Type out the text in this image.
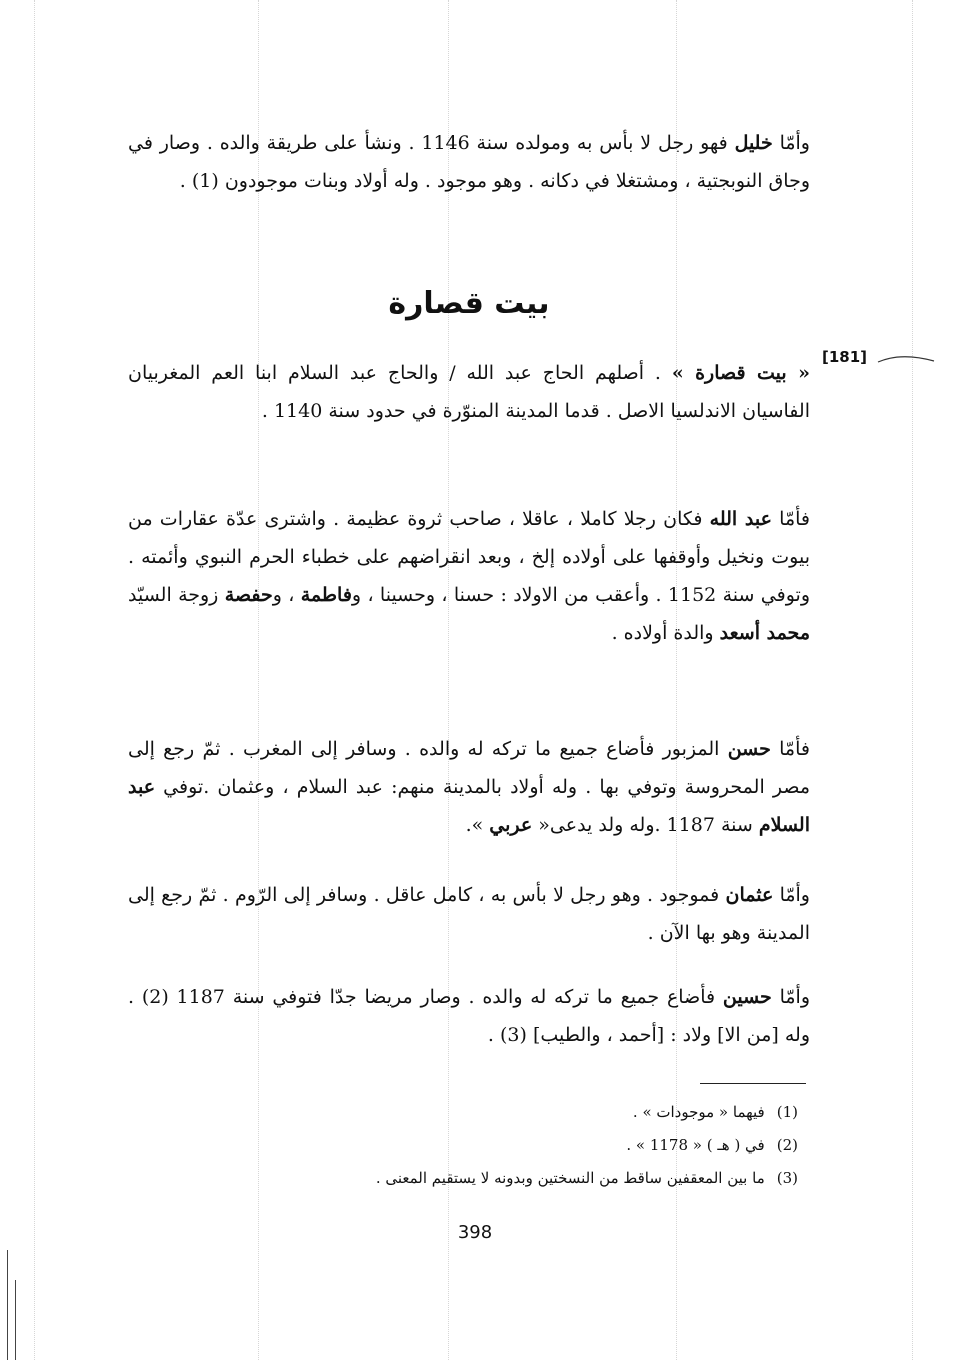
وأمّا خليل فهو رجل لا بأس به ومولده سنة 1146 . ونشأ على طريقة والده . وصار في وجاق النوبجتية ، ومشتغلا في دكانه . وهو موجود . وله أولاد وبنات موجودون (1) .

بيت قصارة
[181]

« بيت قصارة » . أصلهم الحاج عبد الله / والحاج عبد السلام ابنا العم المغربيان الفاسيان الاندلسيا الاصل . قدما المدينة المنوّرة في حدود سنة 1140 .

فأمّا عبد الله فكان رجلا كاملا ، عاقلا ، صاحب ثروة عظيمة . واشترى عدّة عقارات من بيوت ونخيل وأوقفها على أولاده إلخ ، وبعد انقراضهم على خطباء الحرم النبوي وأئمته . وتوفي سنة 1152 . وأعقب من الاولاد : حسنا ، وحسينا ، وفاطمة ، وحفصة زوجة السيّد محمد أسعد والدة أولاده .

فأمّا حسن المزبور فأضاع جميع ما تركه له والده . وسافر إلى المغرب . ثمّ رجع إلى مصر المحروسة وتوفي بها . وله أولاد بالمدينة منهم: عبد السلام ، وعثمان .توفي عبد السلام سنة 1187 .وله ولد يدعى« عربي ».

وأمّا عثمان فموجود . وهو رجل لا بأس به ، كامل عاقل . وسافر إلى الرّوم . ثمّ رجع إلى المدينة وهو بها الآن .

وأمّا حسين فأضاع جميع ما تركه له والده . وصار مريضا جدّا فتوفي سنة 1187 (2) . وله [من الا] ولاد : [أحمد ، والطيب] (3) .

(1)فيهما « موجودات » .
(2)في ( هـ ) « 1178 » .
(3)ما بين المعقفين ساقط من النسختين وبدونه لا يستقيم المعنى .
398
